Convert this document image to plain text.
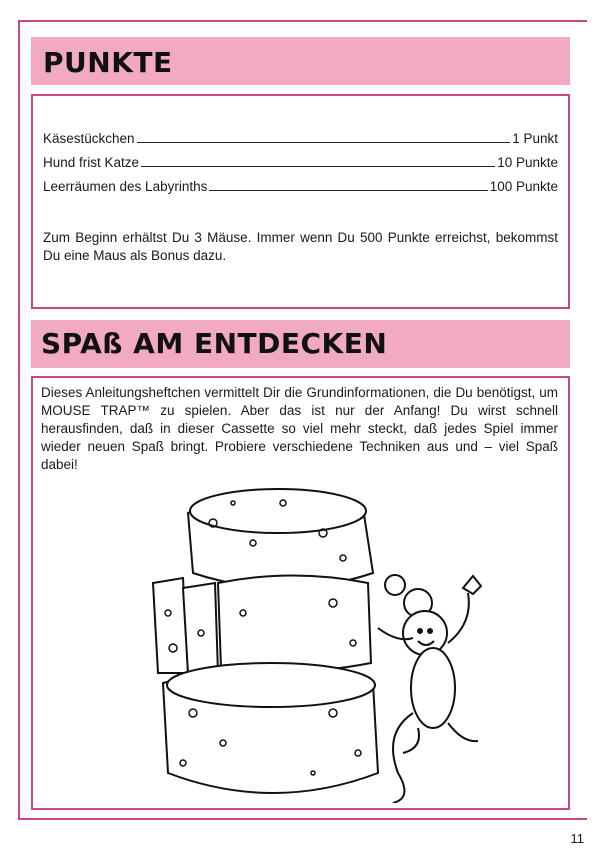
PUNKTE
Käsestückchen	1 Punkt
Hund frist Katze	10 Punkte
Leerräumen des Labyrinths	100 Punkte

Zum Beginn erhältst Du 3 Mäuse. Immer wenn Du 500 Punkte erreichst, bekommst Du eine Maus als Bonus dazu.

SPAß AM ENTDECKEN

Dieses Anleitungsheftchen vermittelt Dir die Grundinformationen, die Du benötigst, um MOUSE TRAP™ zu spielen. Aber das ist nur der Anfang! Du wirst schnell herausfinden, daß in dieser Cassette so viel mehr steckt, daß jedes Spiel immer wieder neuen Spaß bringt. Probiere verschiedene Techniken aus und – viel Spaß dabei!

11
